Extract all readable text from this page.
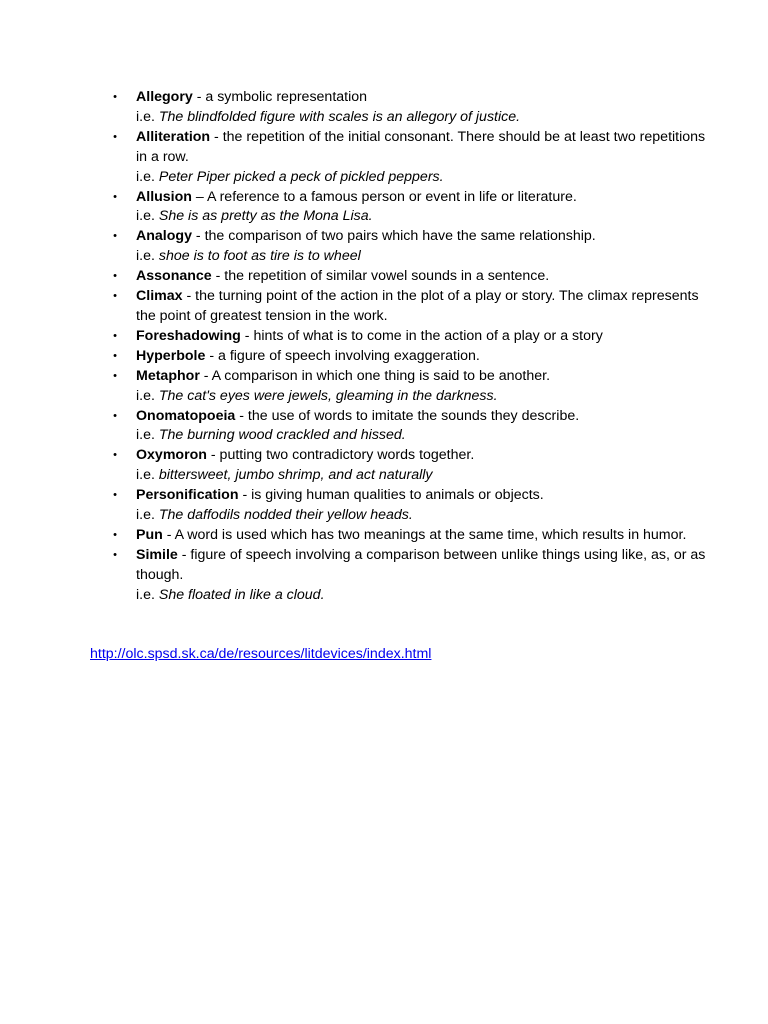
• Allegory - a symbolic representation
i.e. The blindfolded figure with scales is an allegory of justice.
• Alliteration - the repetition of the initial consonant. There should be at least two repetitions in a row.
i.e. Peter Piper picked a peck of pickled peppers.
• Allusion – A reference to a famous person or event in life or literature.
i.e. She is as pretty as the Mona Lisa.
• Analogy - the comparison of two pairs which have the same relationship.
i.e. shoe is to foot as tire is to wheel
• Assonance - the repetition of similar vowel sounds in a sentence.
• Climax - the turning point of the action in the plot of a play or story. The climax represents the point of greatest tension in the work.
• Foreshadowing - hints of what is to come in the action of a play or a story
• Hyperbole - a figure of speech involving exaggeration.
• Metaphor - A comparison in which one thing is said to be another.
i.e. The cat's eyes were jewels, gleaming in the darkness.
• Onomatopoeia - the use of words to imitate the sounds they describe.
i.e. The burning wood crackled and hissed.
• Oxymoron - putting two contradictory words together.
i.e. bittersweet, jumbo shrimp, and act naturally
• Personification - is giving human qualities to animals or objects.
i.e. The daffodils nodded their yellow heads.
• Pun - A word is used which has two meanings at the same time, which results in humor.
• Simile - figure of speech involving a comparison between unlike things using like, as, or as though.
i.e. She floated in like a cloud.
http://olc.spsd.sk.ca/de/resources/litdevices/index.html
